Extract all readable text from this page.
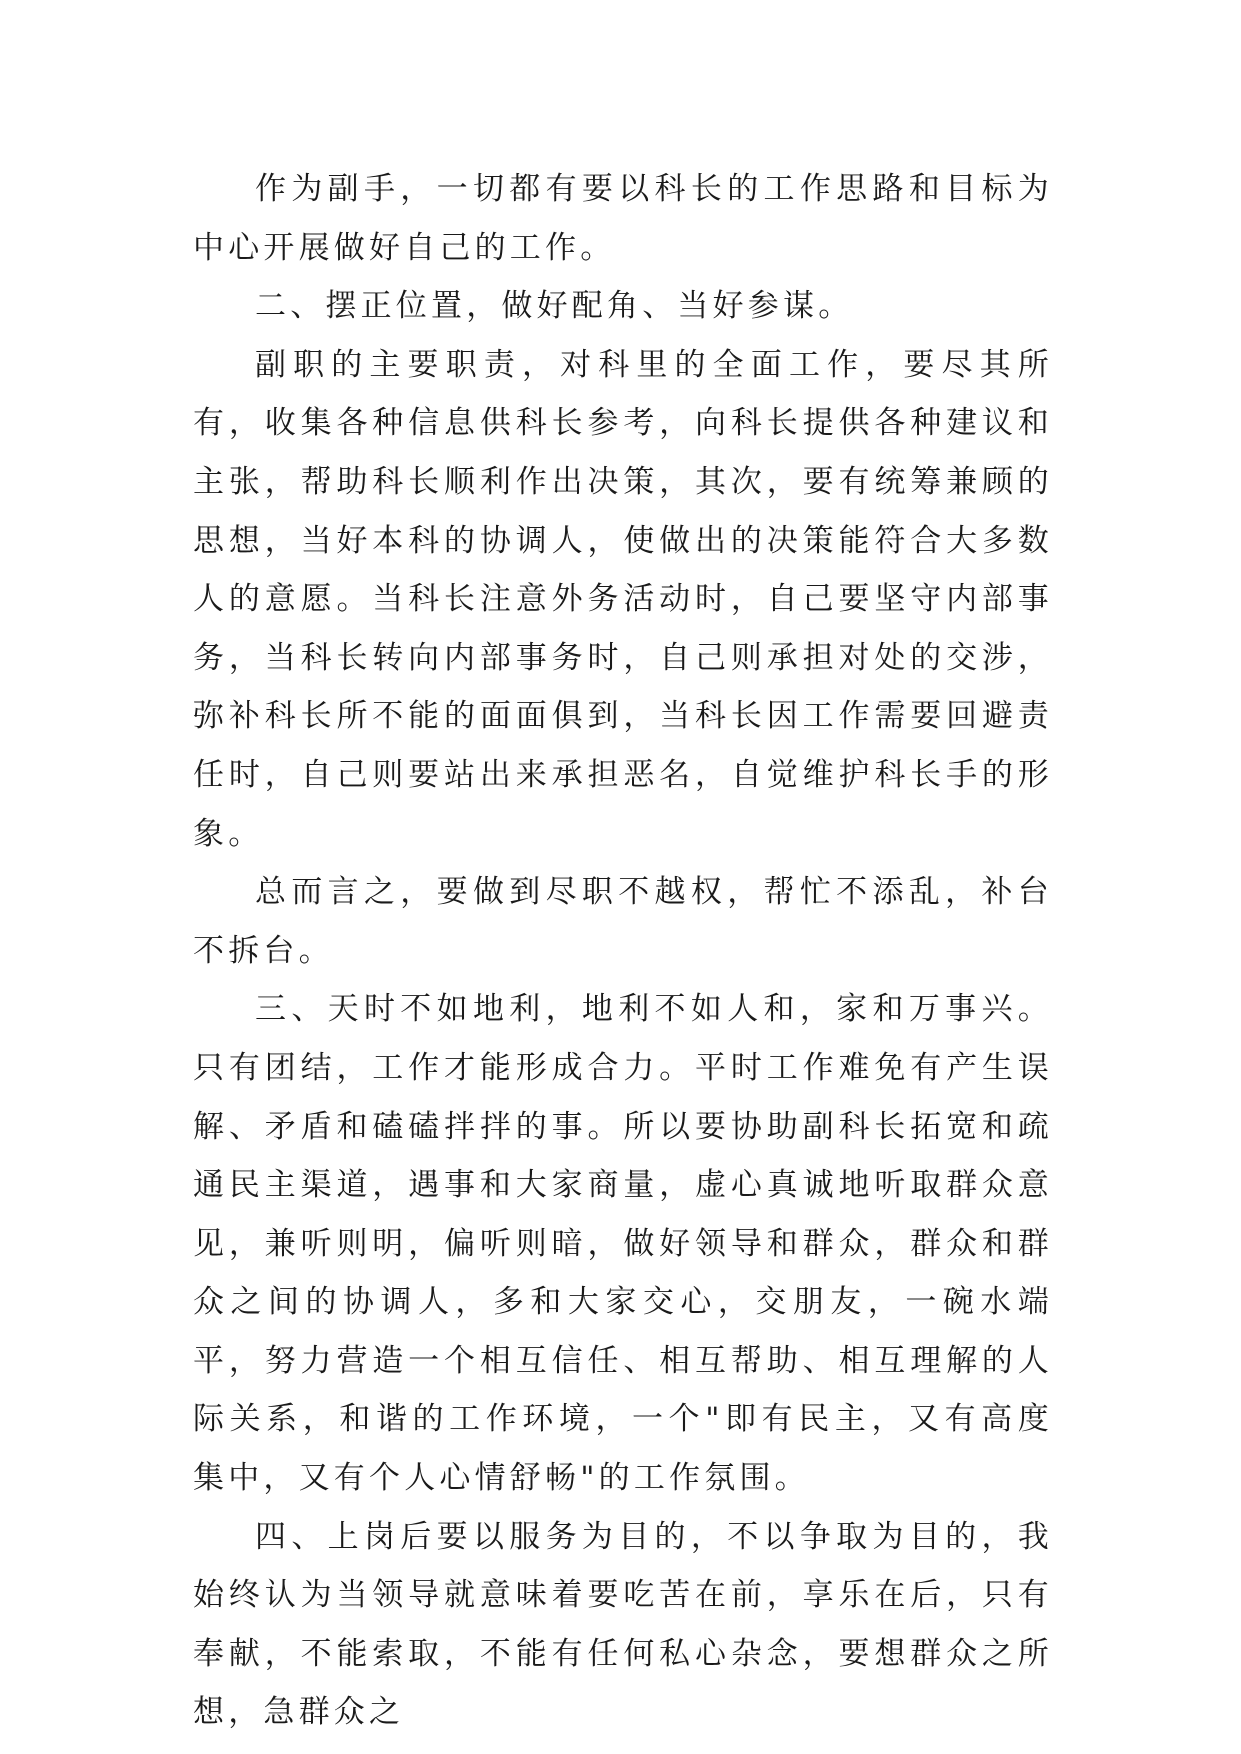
作为副手，一切都有要以科长的工作思路和目标为中心开展做好自己的工作。

二、摆正位置，做好配角、当好参谋。

副职的主要职责，对科里的全面工作，要尽其所有，收集各种信息供科长参考，向科长提供各种建议和主张，帮助科长顺利作出决策，其次，要有统筹兼顾的思想，当好本科的协调人，使做出的决策能符合大多数人的意愿。当科长注意外务活动时，自己要坚守内部事务，当科长转向内部事务时，自己则承担对处的交涉，弥补科长所不能的面面俱到，当科长因工作需要回避责任时，自己则要站出来承担恶名，自觉维护科长手的形象。

总而言之，要做到尽职不越权，帮忙不添乱，补台不拆台。

三、天时不如地利，地利不如人和，家和万事兴。只有团结，工作才能形成合力。平时工作难免有产生误解、矛盾和磕磕拌拌的事。所以要协助副科长拓宽和疏通民主渠道，遇事和大家商量，虚心真诚地听取群众意见，兼听则明，偏听则暗，做好领导和群众，群众和群众之间的协调人，多和大家交心，交朋友，一碗水端平，努力营造一个相互信任、相互帮助、相互理解的人际关系，和谐的工作环境，一个"即有民主，又有高度集中，又有个人心情舒畅"的工作氛围。

四、上岗后要以服务为目的，不以争取为目的，我始终认为当领导就意味着要吃苦在前，享乐在后，只有奉献，不能索取，不能有任何私心杂念，要想群众之所想，急群众之
